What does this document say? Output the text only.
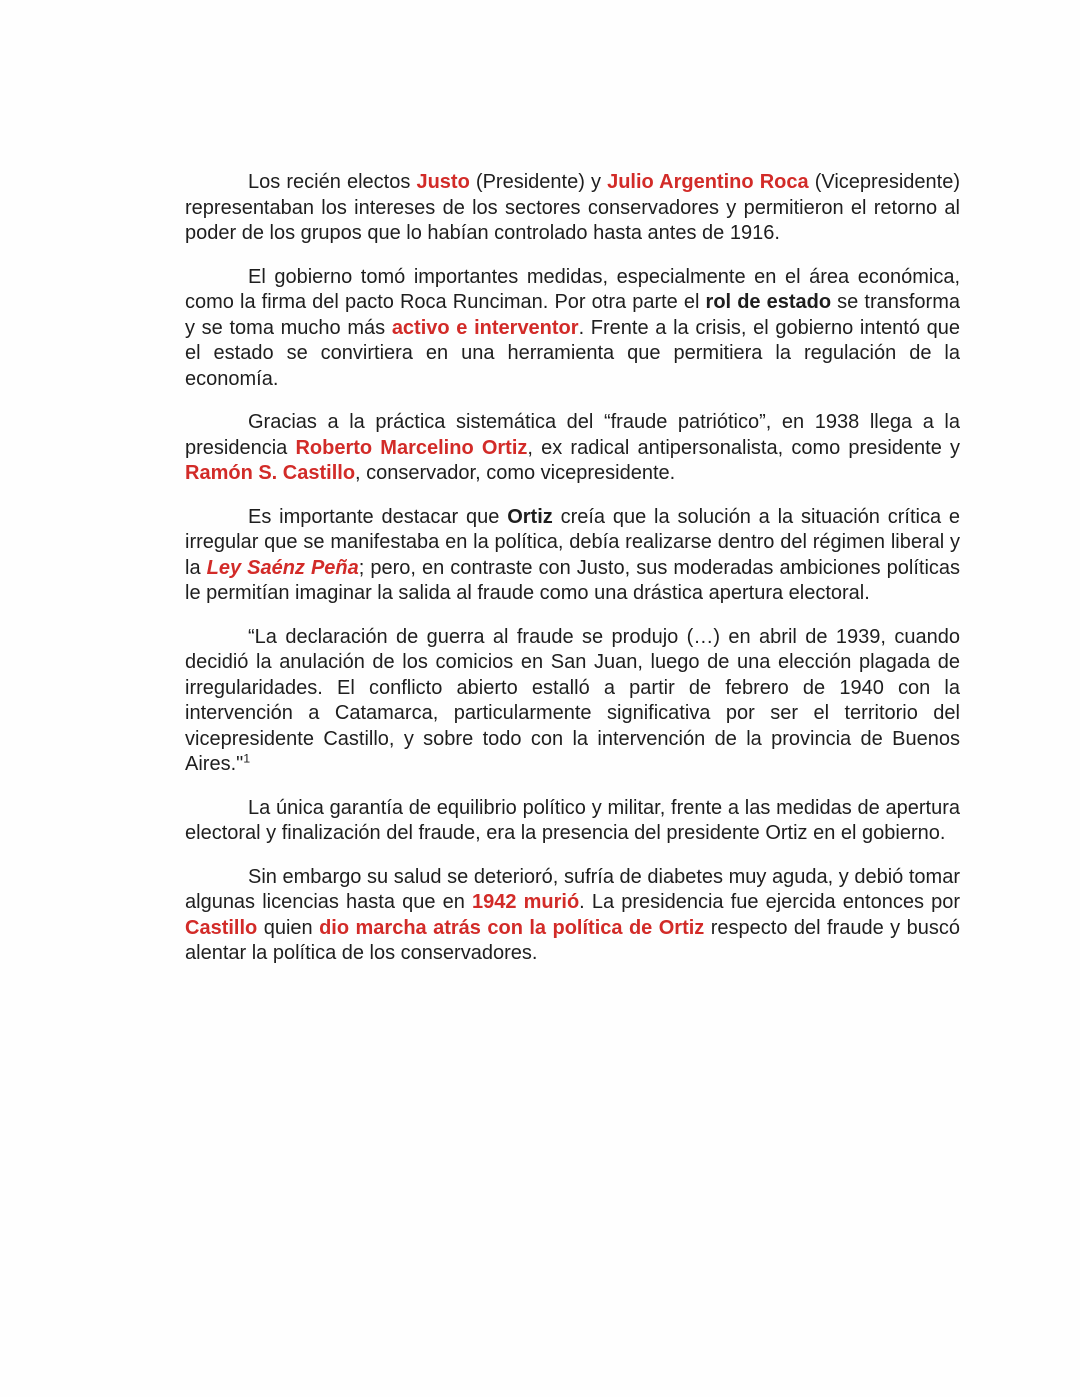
Los recién electos Justo (Presidente) y Julio Argentino Roca (Vicepresidente) representaban los intereses de los sectores conservadores y permitieron el retorno al poder de los grupos que lo habían controlado hasta antes de 1916.

El gobierno tomó importantes medidas, especialmente en el área económica, como la firma del pacto Roca Runciman. Por otra parte el rol de estado se transforma y se toma mucho más activo e interventor. Frente a la crisis, el gobierno intentó que el estado se convirtiera en una herramienta que permitiera la regulación de la economía.

Gracias a la práctica sistemática del “fraude patriótico”, en 1938 llega a la presidencia Roberto Marcelino Ortiz, ex radical antipersonalista, como presidente y Ramón S. Castillo, conservador, como vicepresidente.

Es importante destacar que Ortiz creía que la solución a la situación crítica e irregular que se manifestaba en la política, debía realizarse dentro del régimen liberal y la Ley Saénz Peña; pero, en contraste con Justo, sus moderadas ambiciones políticas le permitían imaginar la salida al fraude como una drástica apertura electoral.

“La declaración de guerra al fraude se produjo (…) en abril de 1939, cuando decidió la anulación de los comicios en San Juan, luego de una elección plagada de irregularidades. El conflicto abierto estalló a partir de febrero de 1940 con la intervención a Catamarca, particularmente significativa por ser el territorio del vicepresidente Castillo, y sobre todo con la intervención de la provincia de Buenos Aires."$^1$

La única garantía de equilibrio político y militar, frente a las medidas de apertura electoral y finalización del fraude, era la presencia del presidente Ortiz en el gobierno.

Sin embargo su salud se deterioró, sufría de diabetes muy aguda, y debió tomar algunas licencias hasta que en 1942 murió. La presidencia fue ejercida entonces por Castillo quien dio marcha atrás con la política de Ortiz respecto del fraude y buscó alentar la política de los conservadores.
